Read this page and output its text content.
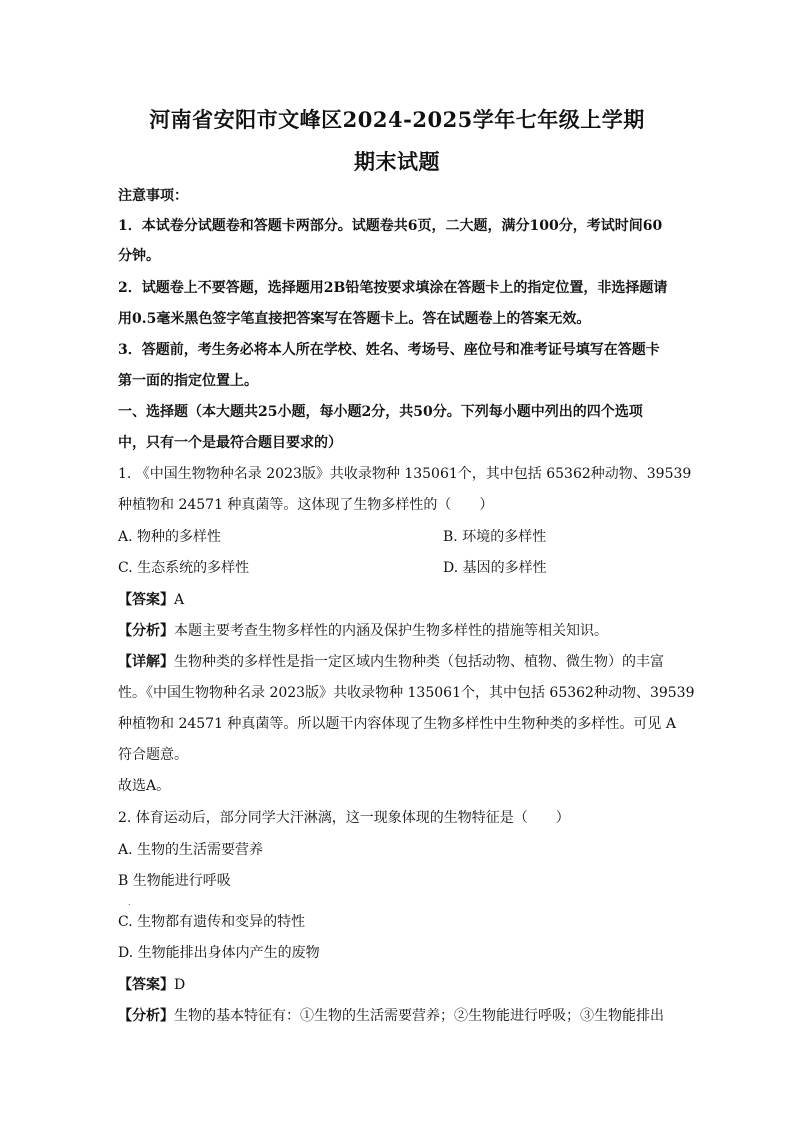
河南省安阳市文峰区2024-2025学年七年级上学期
期末试题
注意事项：
1．本试卷分试题卷和答题卡两部分。试题卷共6页，二大题，满分100分，考试时间60
分钟。
2．试题卷上不要答题，选择题用2B铅笔按要求填涂在答题卡上的指定位置，非选择题请
用0.5毫米黑色签字笔直接把答案写在答题卡上。答在试题卷上的答案无效。
3．答题前，考生务必将本人所在学校、姓名、考场号、座位号和准考证号填写在答题卡
第一面的指定位置上。
一、选择题（本大题共25小题，每小题2分，共50分。下列每小题中列出的四个选项
中，只有一个是最符合题目要求的）
1. 《中国生物物种名录 2023版》共收录物种 135061个，其中包括 65362种动物、39539
种植物和 24571 种真菌等。这体现了生物多样性的（　　）
A. 物种的多样性	B. 环境的多样性
C. 生态系统的多样性	D. 基因的多样性
【答案】A
【分析】本题主要考查生物多样性的内涵及保护生物多样性的措施等相关知识。
【详解】生物种类的多样性是指一定区域内生物种类（包括动物、植物、微生物）的丰富
性。《中国生物物种名录 2023版》共收录物种 135061个，其中包括 65362种动物、39539
种植物和 24571 种真菌等。所以题干内容体现了生物多样性中生物种类的多样性。可见 A
符合题意。
故选A。
2. 体育运动后，部分同学大汗淋漓，这一现象体现的生物特征是（　　）
A. 生物的生活需要营养
B 生物能进行呼吸
.
C. 生物都有遗传和变异的特性
D. 生物能排出身体内产生的废物
【答案】D
【分析】生物的基本特征有：①生物的生活需要营养；②生物能进行呼吸；③生物能排出
